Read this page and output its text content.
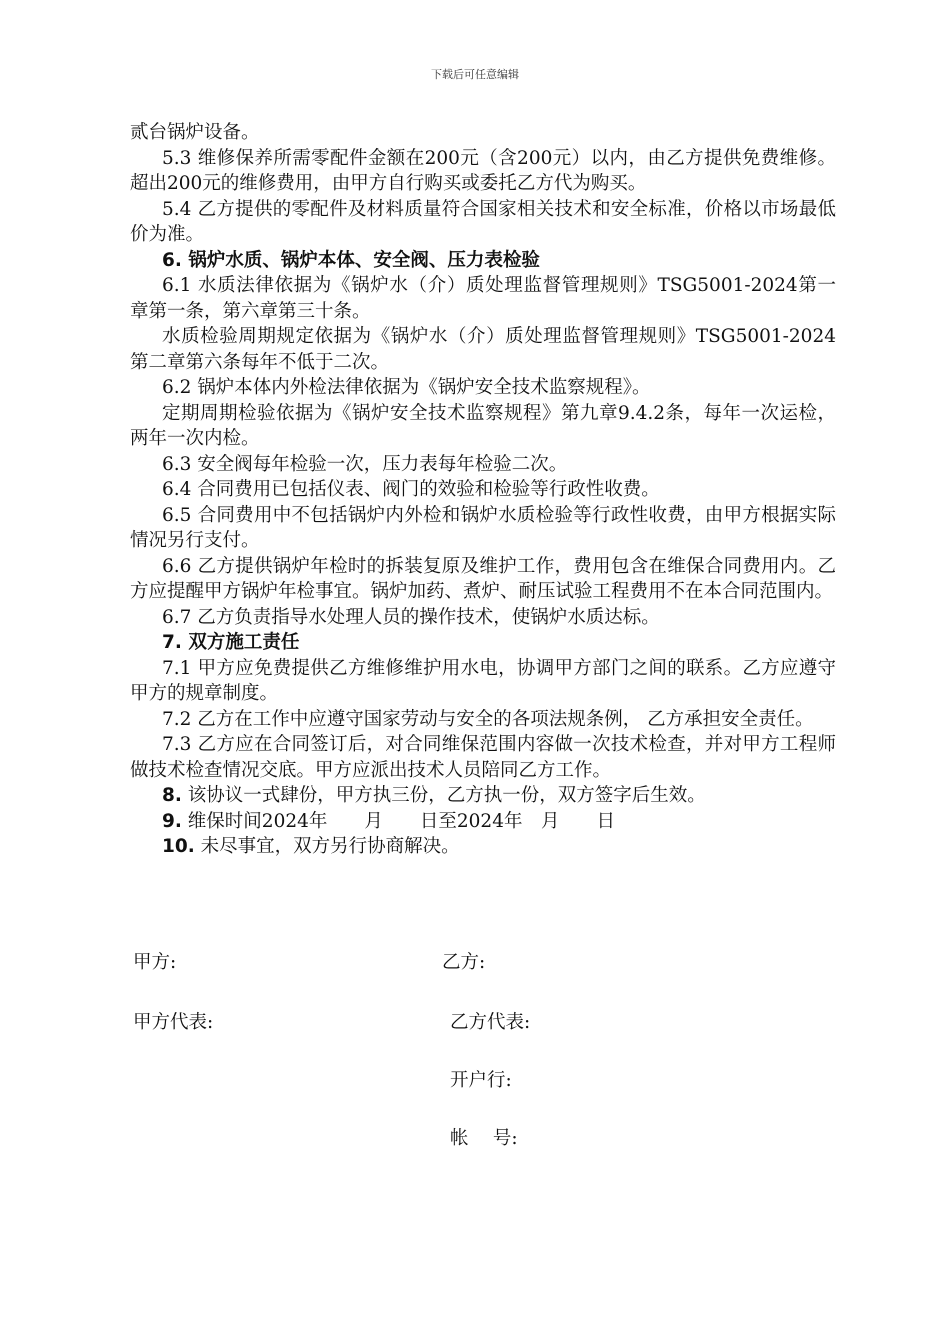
下载后可任意编辑

贰台锅炉设备。

5.3 维修保养所需零配件金额在200元（含200元）以内，由乙方提供免费维修。超出200元的维修费用，由甲方自行购买或委托乙方代为购买。

5.4 乙方提供的零配件及材料质量符合国家相关技术和安全标准，价格以市场最低价为准。

6. 锅炉水质、锅炉本体、安全阀、压力表检验

6.1 水质法律依据为《锅炉水（介）质处理监督管理规则》TSG5001-2024第一章第一条，第六章第三十条。

水质检验周期规定依据为《锅炉水（介）质处理监督管理规则》TSG5001-2024第二章第六条每年不低于二次。

6.2 锅炉本体内外检法律依据为《锅炉安全技术监察规程》。

定期周期检验依据为《锅炉安全技术监察规程》第九章9.4.2条，每年一次运检，两年一次内检。

6.3 安全阀每年检验一次，压力表每年检验二次。

6.4 合同费用已包括仪表、阀门的效验和检验等行政性收费。

6.5 合同费用中不包括锅炉内外检和锅炉水质检验等行政性收费，由甲方根据实际情况另行支付。

6.6 乙方提供锅炉年检时的拆装复原及维护工作，费用包含在维保合同费用内。乙方应提醒甲方锅炉年检事宜。锅炉加药、煮炉、耐压试验工程费用不在本合同范围内。

6.7 乙方负责指导水处理人员的操作技术，使锅炉水质达标。

7. 双方施工责任

7.1 甲方应免费提供乙方维修维护用水电，协调甲方部门之间的联系。乙方应遵守甲方的规章制度。

7.2 乙方在工作中应遵守国家劳动与安全的各项法规条例， 乙方承担安全责任。

7.3 乙方应在合同签订后，对合同维保范围内容做一次技术检查，并对甲方工程师做技术检查情况交底。甲方应派出技术人员陪同乙方工作。

8. 该协议一式肆份，甲方执三份，乙方执一份，双方签字后生效。

9. 维保时间2024年　　月　　日至2024年　月　　日

10. 未尽事宜，双方另行协商解决。

甲方:	乙方:
甲方代表:	乙方代表:
开户行:
帐　 号:
